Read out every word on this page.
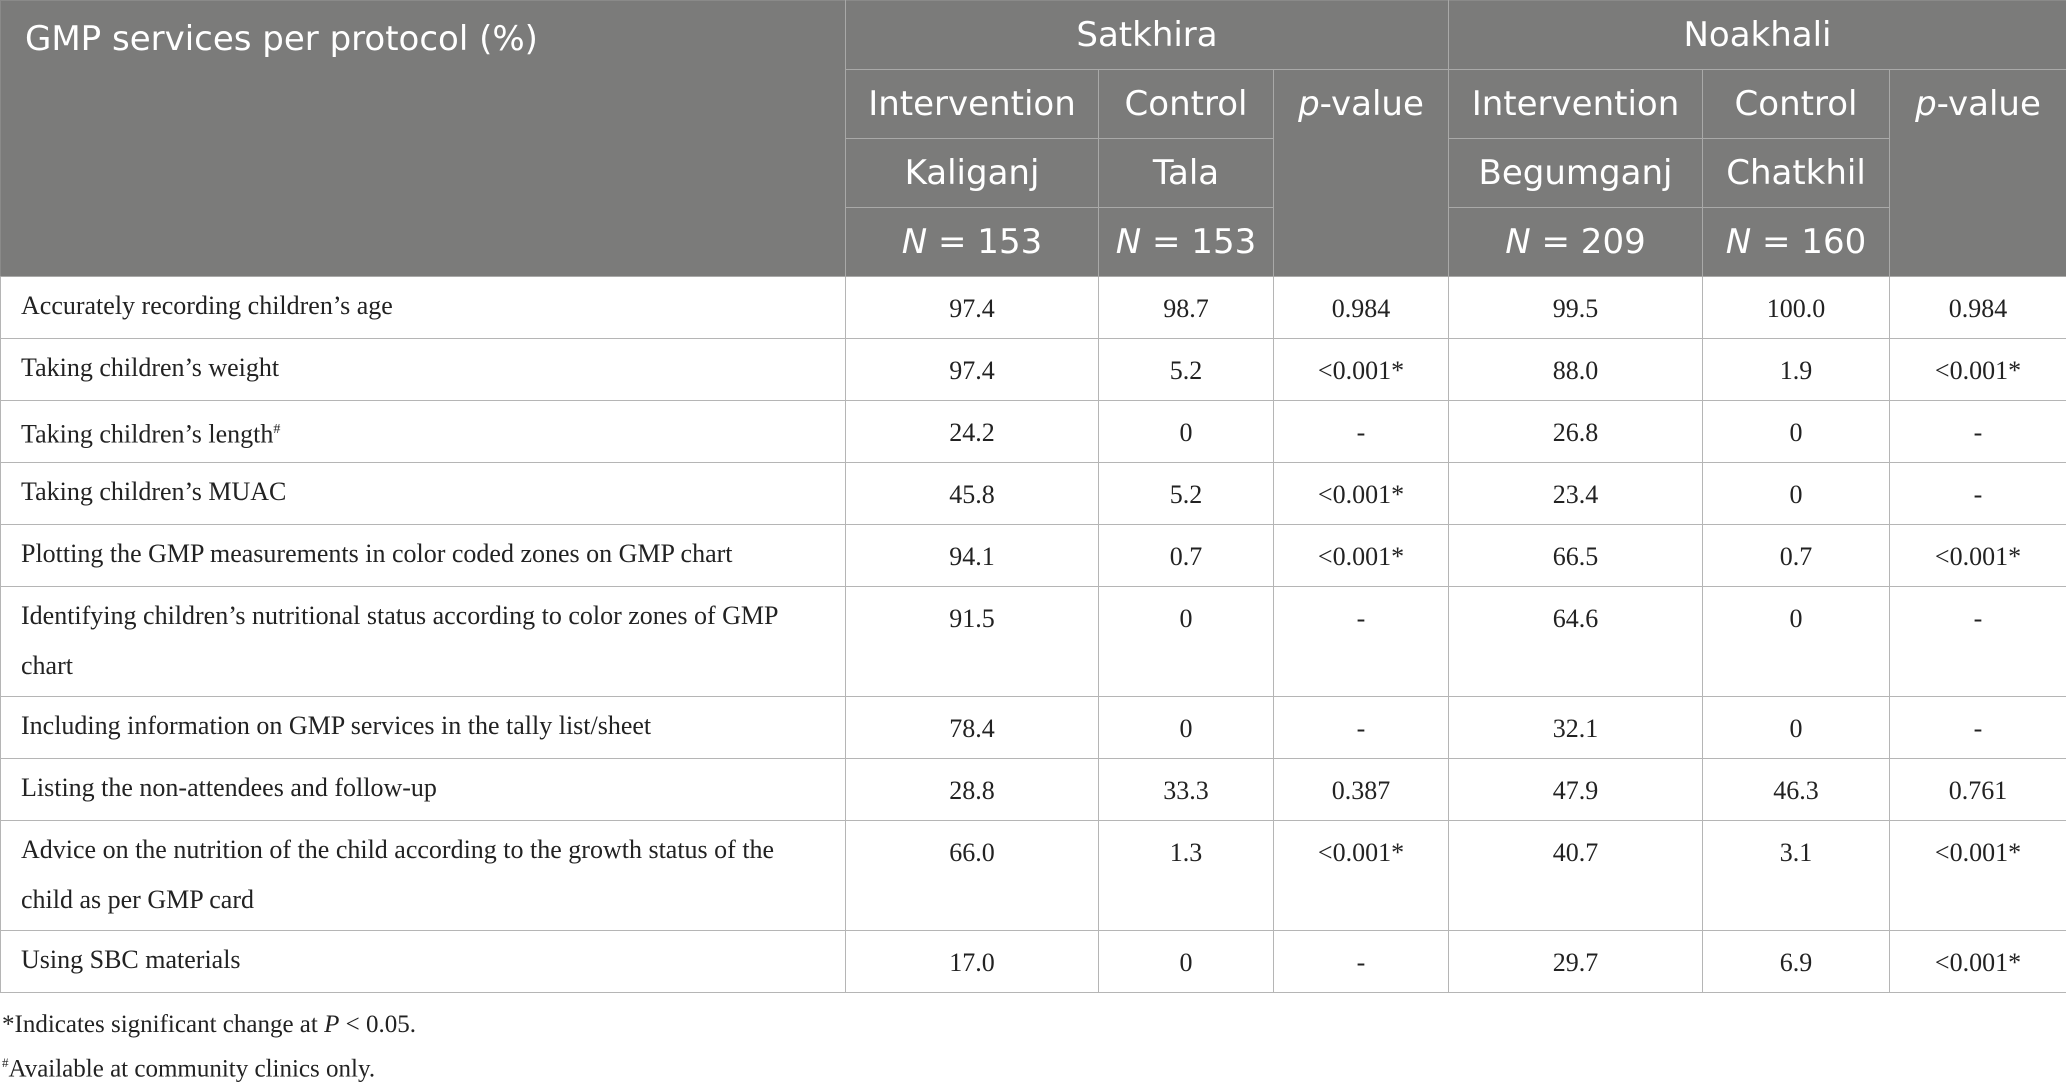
GMP services per protocol (%)	Satkhira			Noakhali		
	Intervention	Control	p-value	Intervention	Control	p-value
	Kaliganj	Tala		Begumganj	Chatkhil	
	N = 153	N = 153		N = 209	N = 160	
Accurately recording children’s age	97.4	98.7	0.984	99.5	100.0	0.984
Taking children’s weight	97.4	5.2	<0.001*	88.0	1.9	<0.001*
Taking children’s length#	24.2	0	-	26.8	0	-
Taking children’s MUAC	45.8	5.2	<0.001*	23.4	0	-
Plotting the GMP measurements in color coded zones on GMP chart	94.1	0.7	<0.001*	66.5	0.7	<0.001*
Identifying children’s nutritional status according to color zones of GMP chart	91.5	0	-	64.6	0	-
Including information on GMP services in the tally list/sheet	78.4	0	-	32.1	0	-
Listing the non-attendees and follow-up	28.8	33.3	0.387	47.9	46.3	0.761
Advice on the nutrition of the child according to the growth status of the child as per GMP card	66.0	1.3	<0.001*	40.7	3.1	<0.001*
Using SBC materials	17.0	0	-	29.7	6.9	<0.001*
*Indicates significant change at P < 0.05.
#Available at community clinics only.
